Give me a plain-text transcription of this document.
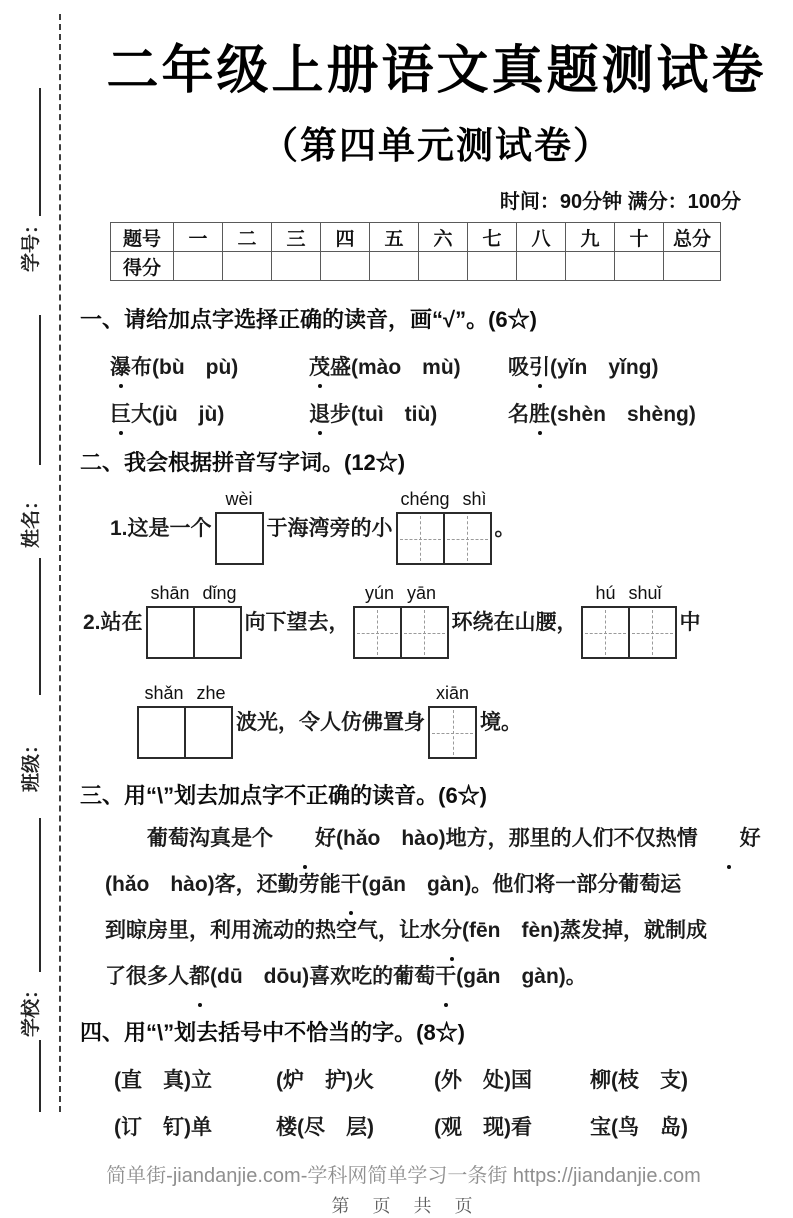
学号：
姓名：
班级：
学校：
二年级上册语文真题测试卷
（第四单元测试卷）
时间：90分钟 满分：100分
题号	一	二	三	四	五	六	七	八	九	十	总分
得分											
一、请给加点字选择正确的读音，画“√”。(6☆)
瀑布(bù　pù)	茂盛(mào　mù)	吸引(yǐn　yǐng)
巨大(jù　jù)	退步(tuì　tiù)	名胜(shèn　shèng)
二、我会根据拼音写字词。(12☆)
1.这是一个
wèi
于海湾旁的小
chéng shì
。
2.站在
shān dǐng
向下望去，
yún yān
环绕在山腰，
hú shuǐ
中
shǎn zhe
波光，令人仿佛置身
xiān
境。
三、用“\”划去加点字不正确的读音。(6☆)
葡萄沟真是个 好(hǎo　hào)地方，那里的人们不仅热情 好
(hǎo　hào)客，还勤劳能干(gān　gàn)。他们将一部分葡萄运
到晾房里，利用流动的热空气，让水分(fēn　fèn)蒸发掉，就制成
了很多人都(dū　dōu)喜欢吃的葡萄干(gān　gàn)。
四、用“\”划去括号中不恰当的字。(8☆)
(直　真)立	(炉　护)火	(外　处)国	柳(枝　支)
(订　钉)单	楼(尽　层)	(观　现)看	宝(鸟　岛)
简单街-jiandanjie.com-学科网简单学习一条街 https://jiandanjie.com
第 页 共 页
